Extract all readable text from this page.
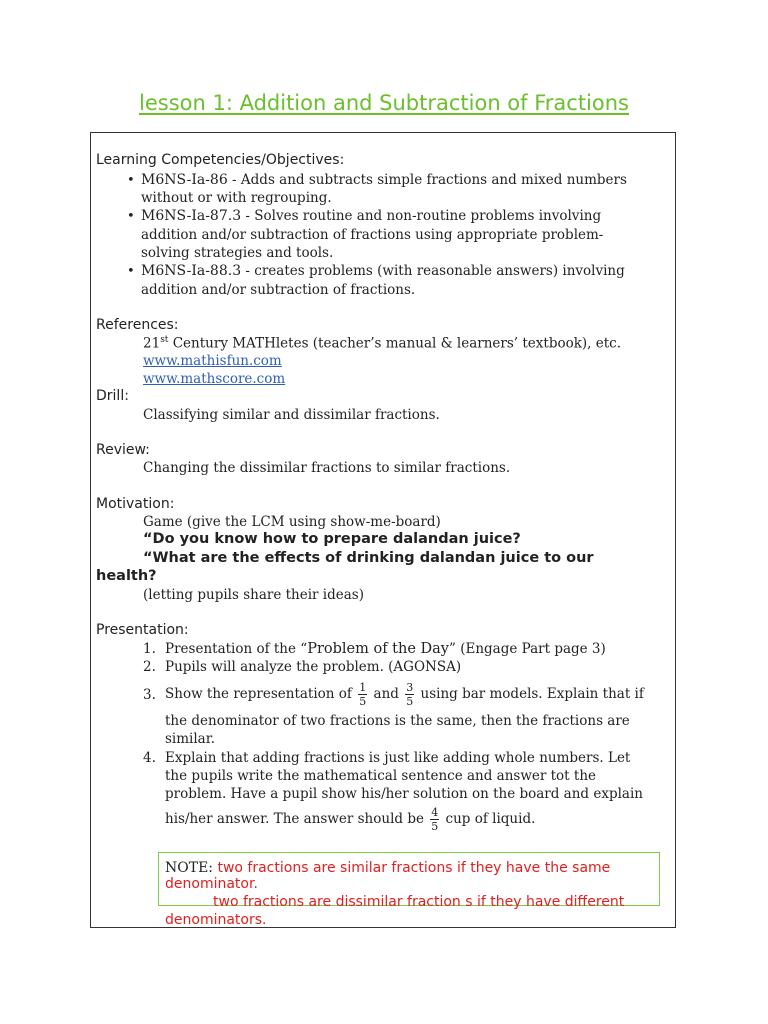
lesson 1: Addition and Subtraction of Fractions
Learning Competencies/Objectives:
• M6NS-Ia-86 - Adds and subtracts simple fractions and mixed numbers
without or with regrouping.
• M6NS-Ia-87.3 - Solves routine and non-routine problems involving
addition and/or subtraction of fractions using appropriate problem-
solving strategies and tools.
• M6NS-Ia-88.3 - creates problems (with reasonable answers) involving
addition and/or subtraction of fractions.
References:
21st Century MATHletes (teacher’s manual & learners’ textbook), etc.
www.mathisfun.com
www.mathscore.com
Drill:
Classifying similar and dissimilar fractions.
Review:
Changing the dissimilar fractions to similar fractions.
Motivation:
Game (give the LCM using show-me-board)
“Do you know how to prepare dalandan juice?
“What are the effects of drinking dalandan juice to our
health?
(letting pupils share their ideas)
Presentation:
1. Presentation of the “Problem of the Day” (Engage Part page 3)
2. Pupils will analyze the problem. (AGONSA)
3. Show the representation of $\frac{1}{5}$ and $\frac{3}{5}$ using bar models. Explain that if
the denominator of two fractions is the same, then the fractions are
similar.
4. Explain that adding fractions is just like adding whole numbers. Let
the pupils write the mathematical sentence and answer tot the
problem. Have a pupil show his/her solution on the board and explain
his/her answer. The answer should be $\frac{4}{5}$ cup of liquid.
NOTE: two fractions are similar fractions if they have the same
denominator.
two fractions are dissimilar fraction s if they have different
denominators.
